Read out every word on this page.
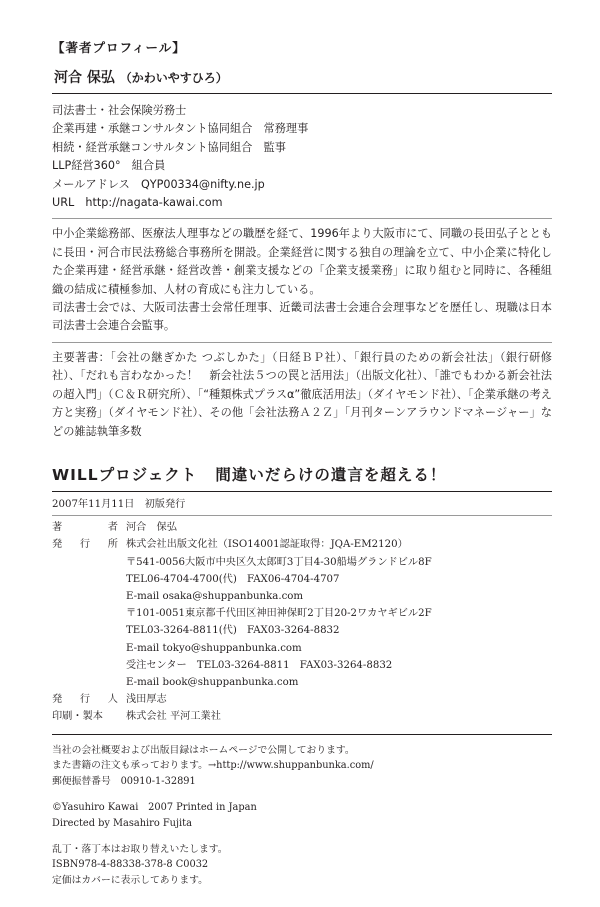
【著者プロフィール】

河合 保弘 （かわいやすひろ）

司法書士・社会保険労務士
企業再建・承継コンサルタント協同組合　常務理事
相続・経営承継コンサルタント協同組合　監事
LLP経営360°　組合員
メールアドレス　QYP00334@nifty.ne.jp
URL　http://nagata-kawai.com

中小企業総務部、医療法人理事などの職歴を経て、1996年より大阪市にて、同職の長田弘子とともに長田・河合市民法務総合事務所を開設。企業経営に関する独自の理論を立て、中小企業に特化した企業再建・経営承継・経営改善・創業支援などの「企業支援業務」に取り組むと同時に、各種組織の結成に積極参加、人材の育成にも注力している。

司法書士会では、大阪司法書士会常任理事、近畿司法書士会連合会理事などを歴任し、現職は日本司法書士会連合会監事。

主要著書：「会社の継ぎかた つぶしかた」（日経ＢＰ社）、「銀行員のための新会社法」（銀行研修社）、「だれも言わなかった！　新会社法５つの罠と活用法」（出版文化社）、「誰でもわかる新会社法の超入門」（Ｃ＆Ｒ研究所）、「“種類株式プラスα”徹底活用法」（ダイヤモンド社）、「企業承継の考え方と実務」（ダイヤモンド社）、その他「会社法務Ａ２Ｚ」「月刊ターンアラウンドマネージャー」などの雑誌執筆多数

WILLプロジェクト 間違いだらけの遺言を超える！

2007年11月11日　初版発行
著者 河合　保弘
発行所 株式会社出版文化社（ISO14001認証取得：JQA-EM2120）
〒541-0056大阪市中央区久太郎町3丁目4-30船場グランドビル8F
TEL06-4704-4700(代)　FAX06-4704-4707
E-mail osaka@shuppanbunka.com
〒101-0051東京都千代田区神田神保町2丁目20-2ワカヤギビル2F
TEL03-3264-8811(代)　FAX03-3264-8832
E-mail tokyo@shuppanbunka.com
受注センター　TEL03-3264-8811　FAX03-3264-8832
E-mail book@shuppanbunka.com
発行人 浅田厚志
印刷・製本	株式会社 平河工業社

当社の会社概要および出版目録はホームページで公開しております。

また書籍の注文も承っております。→http://www.shuppanbunka.com/

郵便振替番号　00910-1-32891

©Yasuhiro Kawai　2007 Printed in Japan

Directed by Masahiro Fujita

乱丁・落丁本はお取り替えいたします。

ISBN978-4-88338-378-8 C0032

定価はカバーに表示してあります。
